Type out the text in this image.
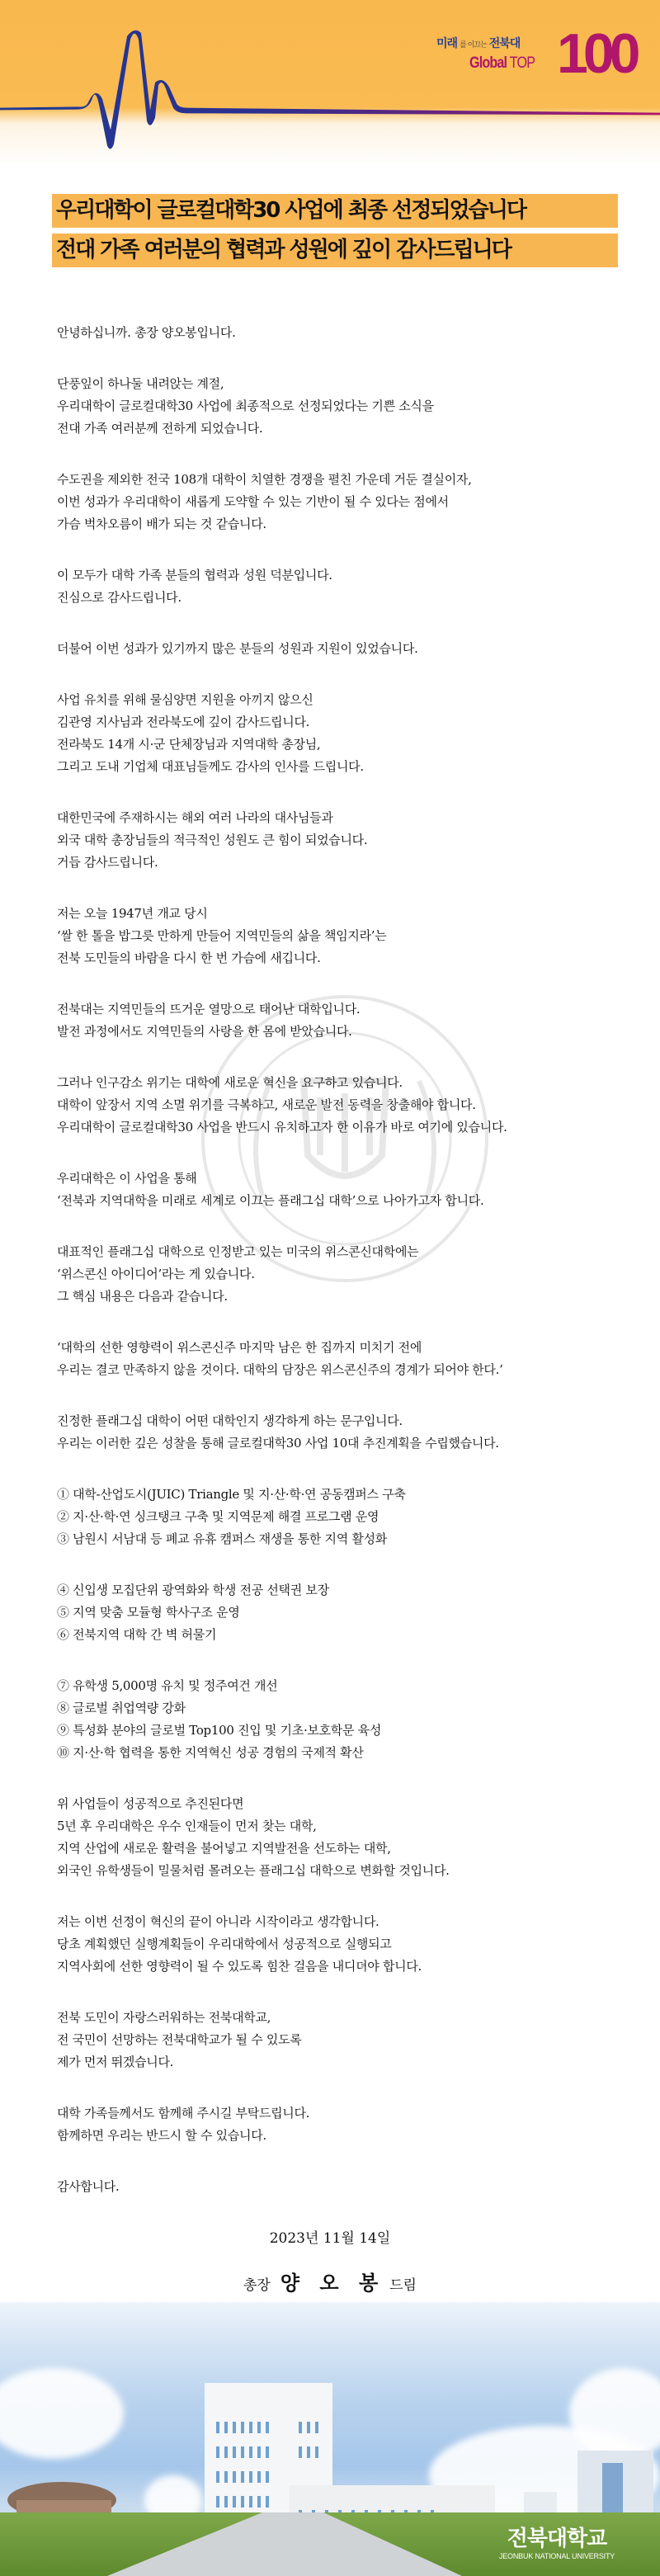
미래 를 이끄는 전북대
Global TOP 100
우리대학이 글로컬대학30 사업에 최종 선정되었습니다
전대 가족 여러분의 협력과 성원에 깊이 감사드립니다
안녕하십니까. 총장 양오봉입니다.
단풍잎이 하나둘 내려앉는 계절,
우리대학이 글로컬대학30 사업에 최종적으로 선정되었다는 기쁜 소식을
전대 가족 여러분께 전하게 되었습니다.
수도권을 제외한 전국 108개 대학이 치열한 경쟁을 펼친 가운데 거둔 결실이자,
이번 성과가 우리대학이 새롭게 도약할 수 있는 기반이 될 수 있다는 점에서
가슴 벅차오름이 배가 되는 것 같습니다.
이 모두가 대학 가족 분들의 협력과 성원 덕분입니다.
진심으로 감사드립니다.
더불어 이번 성과가 있기까지 많은 분들의 성원과 지원이 있었습니다.
사업 유치를 위해 물심양면 지원을 아끼지 않으신
김관영 지사님과 전라북도에 깊이 감사드립니다.
전라북도 14개 시·군 단체장님과 지역대학 총장님,
그리고 도내 기업체 대표님들께도 감사의 인사를 드립니다.
대한민국에 주재하시는 해외 여러 나라의 대사님들과
외국 대학 총장님들의 적극적인 성원도 큰 힘이 되었습니다.
거듭 감사드립니다.
저는 오늘 1947년 개교 당시
‘쌀 한 톨을 밥그릇 만하게 만들어 지역민들의 삶을 책임지라’는
전북 도민들의 바람을 다시 한 번 가슴에 새깁니다.
전북대는 지역민들의 뜨거운 열망으로 태어난 대학입니다.
발전 과정에서도 지역민들의 사랑을 한 몸에 받았습니다.
그러나 인구감소 위기는 대학에 새로운 혁신을 요구하고 있습니다.
대학이 앞장서 지역 소멸 위기를 극복하고, 새로운 발전 동력을 창출해야 합니다.
우리대학이 글로컬대학30 사업을 반드시 유치하고자 한 이유가 바로 여기에 있습니다.
우리대학은 이 사업을 통해
‘전북과 지역대학을 미래로 세계로 이끄는 플래그십 대학’으로 나아가고자 합니다.
대표적인 플래그십 대학으로 인정받고 있는 미국의 위스콘신대학에는
‘위스콘신 아이디어’라는 게 있습니다.
그 핵심 내용은 다음과 같습니다.
‘대학의 선한 영향력이 위스콘신주 마지막 남은 한 집까지 미치기 전에
우리는 결코 만족하지 않을 것이다. 대학의 담장은 위스콘신주의 경계가 되어야 한다.’
진정한 플래그십 대학이 어떤 대학인지 생각하게 하는 문구입니다.
우리는 이러한 깊은 성찰을 통해 글로컬대학30 사업 10대 추진계획을 수립했습니다.
① 대학-산업도시(JUIC) Triangle 및 지·산·학·연 공동캠퍼스 구축
② 지·산·학·연 싱크탱크 구축 및 지역문제 해결 프로그램 운영
③ 남원시 서남대 등 폐교 유휴 캠퍼스 재생을 통한 지역 활성화
④ 신입생 모집단위 광역화와 학생 전공 선택권 보장
⑤ 지역 맞춤 모듈형 학사구조 운영
⑥ 전북지역 대학 간 벽 허물기
⑦ 유학생 5,000명 유치 및 정주여건 개선
⑧ 글로벌 취업역량 강화
⑨ 특성화 분야의 글로벌 Top100 진입 및 기초·보호학문 육성
⑩ 지·산·학 협력을 통한 지역혁신 성공 경험의 국제적 확산
위 사업들이 성공적으로 추진된다면
5년 후 우리대학은 우수 인재들이 먼저 찾는 대학,
지역 산업에 새로운 활력을 불어넣고 지역발전을 선도하는 대학,
외국인 유학생들이 밀물처럼 몰려오는 플래그십 대학으로 변화할 것입니다.
저는 이번 선정이 혁신의 끝이 아니라 시작이라고 생각합니다.
당초 계획했던 실행계획들이 우리대학에서 성공적으로 실행되고
지역사회에 선한 영향력이 될 수 있도록 힘찬 걸음을 내디뎌야 합니다.
전북 도민이 자랑스러워하는 전북대학교,
전 국민이 선망하는 전북대학교가 될 수 있도록
제가 먼저 뛰겠습니다.
대학 가족들께서도 함께해 주시길 부탁드립니다.
함께하면 우리는 반드시 할 수 있습니다.
감사합니다.
2023년 11월 14일
총장 양 오 봉 드림
전북대학교
JEONBUK NATIONAL UNIVERSITY
